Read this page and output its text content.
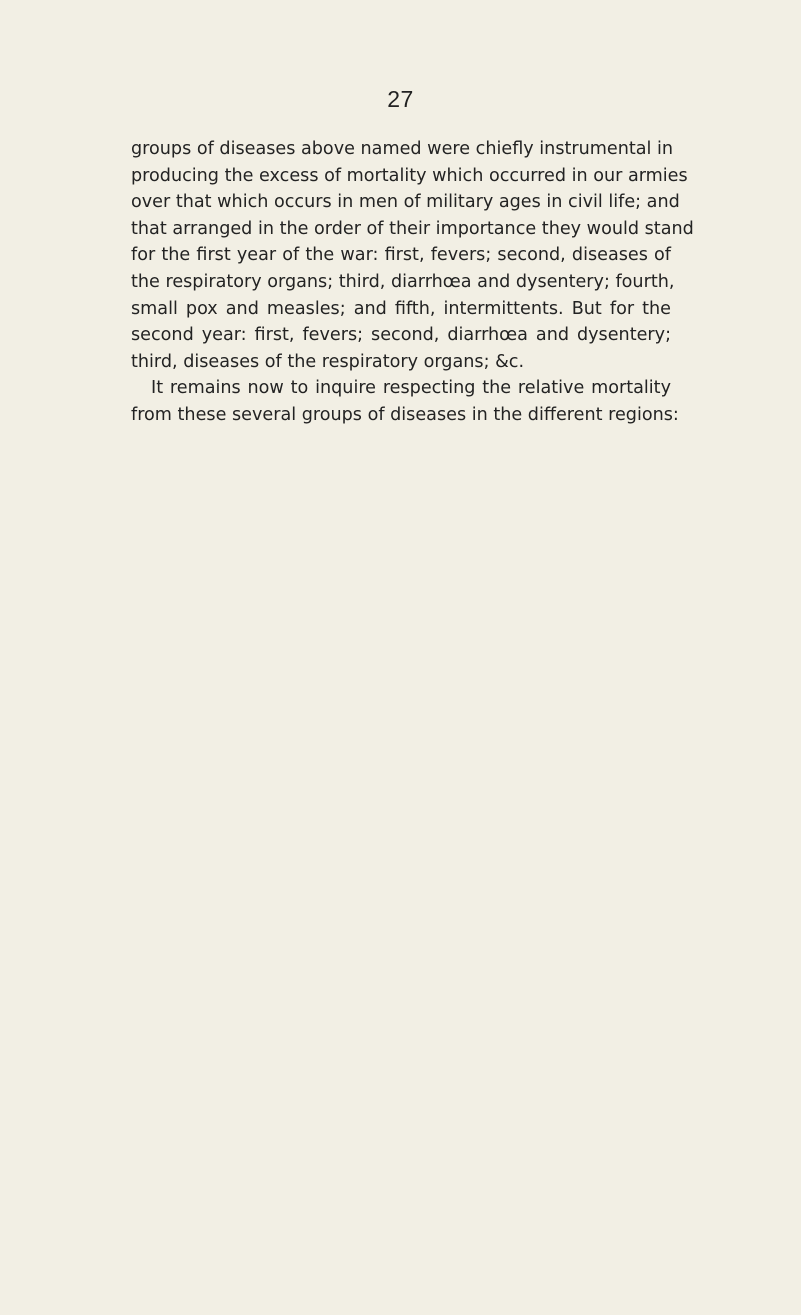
27
groups of diseases above named were chiefly instrumental in
producing the excess of mortality which occurred in our armies
over that which occurs in men of military ages in civil life; and
that arranged in the order of their importance they would stand
for the first year of the war: first, fevers; second, diseases of
the respiratory organs; third, diarrhœa and dysentery; fourth,
small pox and measles; and fifth, intermittents. But for the
second year: first, fevers; second, diarrhœa and dysentery;
third, diseases of the respiratory organs; &c.
It remains now to inquire respecting the relative mortality
from these several groups of diseases in the different regions:
